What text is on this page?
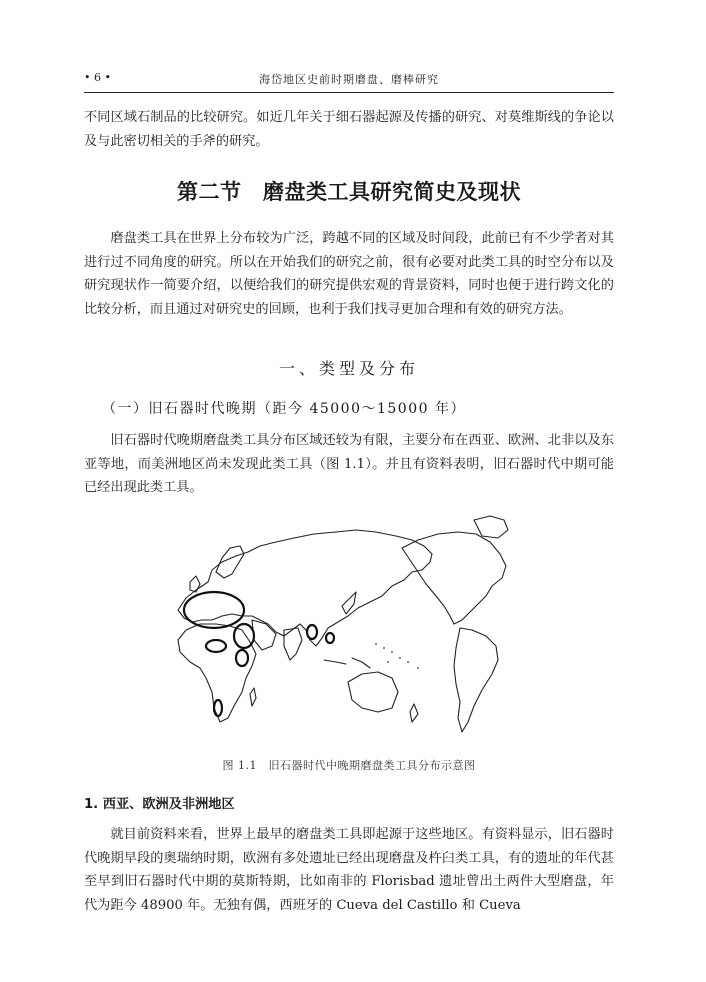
• 6 •	海岱地区史前时期磨盘、磨棒研究

不同区域石制品的比较研究。如近几年关于细石器起源及传播的研究、对莫维斯线的争论以及与此密切相关的手斧的研究。

第二节　磨盘类工具研究简史及现状

磨盘类工具在世界上分布较为广泛，跨越不同的区域及时间段，此前已有不少学者对其进行过不同角度的研究。所以在开始我们的研究之前，很有必要对此类工具的时空分布以及研究现状作一简要介绍，以便给我们的研究提供宏观的背景资料，同时也便于进行跨文化的比较分析，而且通过对研究史的回顾，也利于我们找寻更加合理和有效的研究方法。

一、类型及分布
（一）旧石器时代晚期（距今 45000～15000 年）

旧石器时代晚期磨盘类工具分布区域还较为有限，主要分布在西亚、欧洲、北非以及东亚等地，而美洲地区尚未发现此类工具（图 1.1）。并且有资料表明，旧石器时代中期可能已经出现此类工具。

图 1.1　旧石器时代中晚期磨盘类工具分布示意图
1. 西亚、欧洲及非洲地区

就目前资料来看，世界上最早的磨盘类工具即起源于这些地区。有资料显示，旧石器时代晚期早段的奥瑞纳时期，欧洲有多处遗址已经出现磨盘及杵臼类工具，有的遗址的年代甚至早到旧石器时代中期的莫斯特期，比如南非的 Florisbad 遗址曾出土两件大型磨盘，年代为距今 48900 年。无独有偶，西班牙的 Cueva del Castillo 和 Cueva
